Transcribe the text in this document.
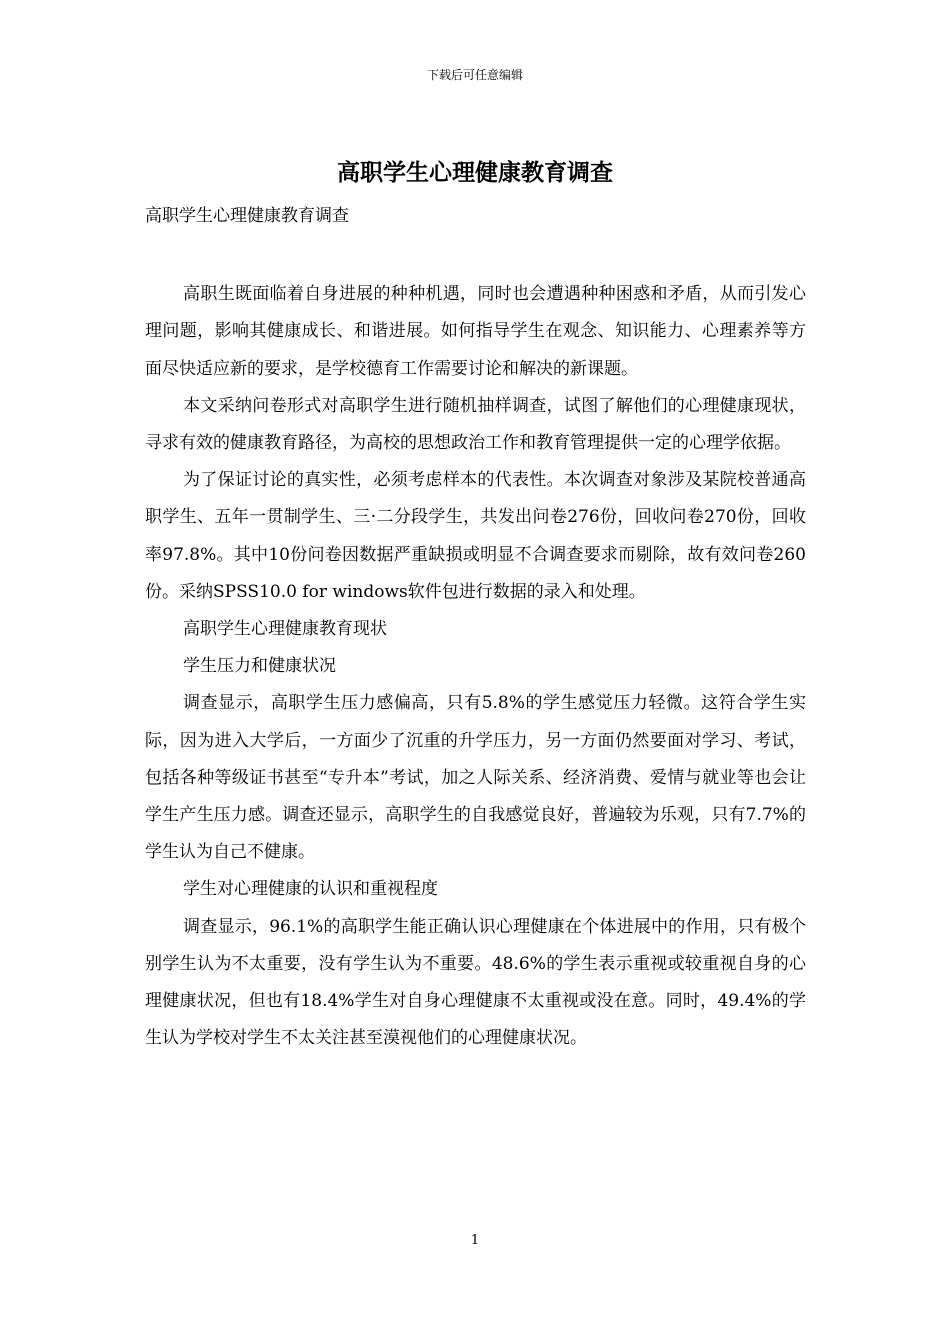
下载后可任意编辑
高职学生心理健康教育调查

高职学生心理健康教育调查

高职生既面临着自身进展的种种机遇，同时也会遭遇种种困惑和矛盾，从而引发心理问题，影响其健康成长、和谐进展。如何指导学生在观念、知识能力、心理素养等方面尽快适应新的要求，是学校德育工作需要讨论和解决的新课题。

本文采纳问卷形式对高职学生进行随机抽样调查，试图了解他们的心理健康现状，寻求有效的健康教育路径，为高校的思想政治工作和教育管理提供一定的心理学依据。

为了保证讨论的真实性，必须考虑样本的代表性。本次调查对象涉及某院校普通高职学生、五年一贯制学生、三·二分段学生，共发出问卷276份，回收问卷270份，回收率97.8%。其中10份问卷因数据严重缺损或明显不合调查要求而剔除，故有效问卷260份。采纳SPSS10.0 for windows软件包进行数据的录入和处理。

高职学生心理健康教育现状

学生压力和健康状况

调查显示，高职学生压力感偏高，只有5.8%的学生感觉压力轻微。这符合学生实际，因为进入大学后，一方面少了沉重的升学压力，另一方面仍然要面对学习、考试，包括各种等级证书甚至“专升本”考试，加之人际关系、经济消费、爱情与就业等也会让学生产生压力感。调查还显示，高职学生的自我感觉良好，普遍较为乐观，只有7.7%的学生认为自己不健康。

学生对心理健康的认识和重视程度

调查显示，96.1%的高职学生能正确认识心理健康在个体进展中的作用，只有极个别学生认为不太重要，没有学生认为不重要。48.6%的学生表示重视或较重视自身的心理健康状况，但也有18.4%学生对自身心理健康不太重视或没在意。同时，49.4%的学生认为学校对学生不太关注甚至漠视他们的心理健康状况。

1
